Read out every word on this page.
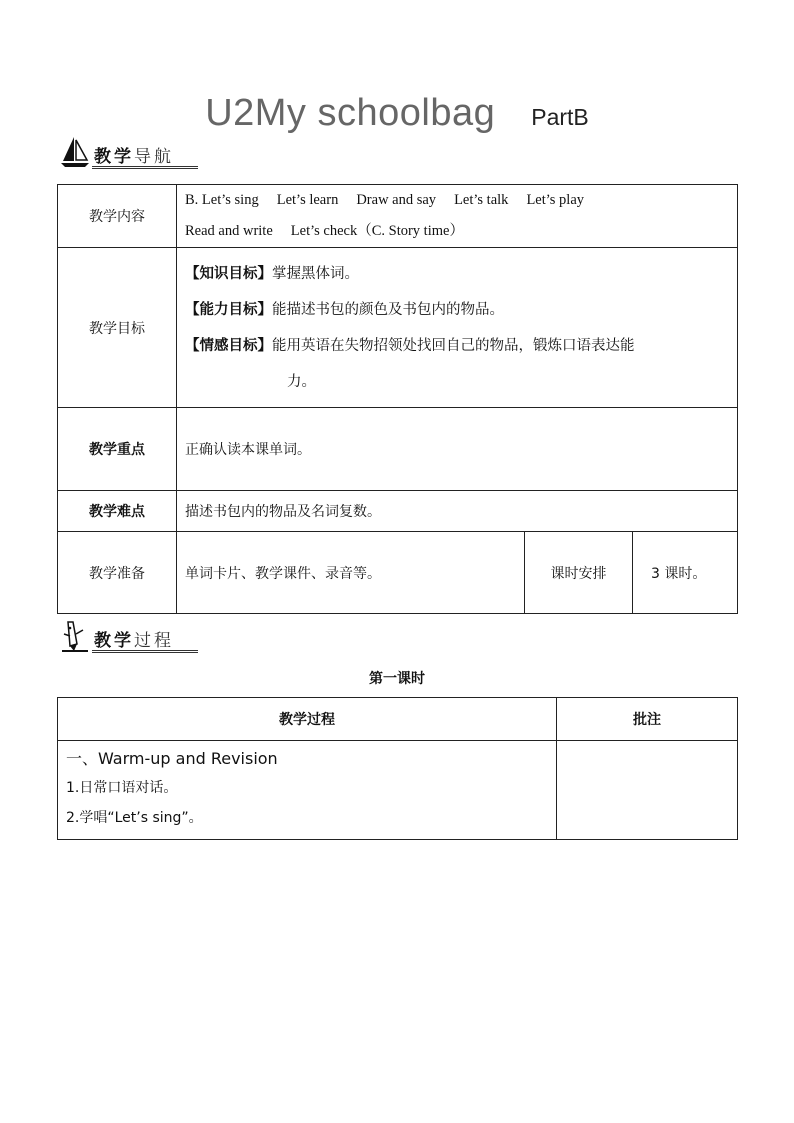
U2My schoolbag PartB
教学导航
教学内容	B. Let’s sing Let’s learn Draw and say Let’s talk Let’s play
Read and write Let’s check（C. Story time）		

教学目标	【知识目标】掌握黑体词。
【能力目标】能描述书包的颜色及书包内的物品。
【情感目标】能用英语在失物招领处找回自己的物品，锻炼口语表达能
力。		

教学重点	正确认读本课单词。		
教学难点	描述书包内的物品及名词复数。		
教学准备	单词卡片、教学课件、录音等。	课时安排	3 课时。
教学过程
第一课时
教学过程	批注

一、Warm-up and Revision
1.日常口语对话。
2.学唱“Let’s sing”。	
